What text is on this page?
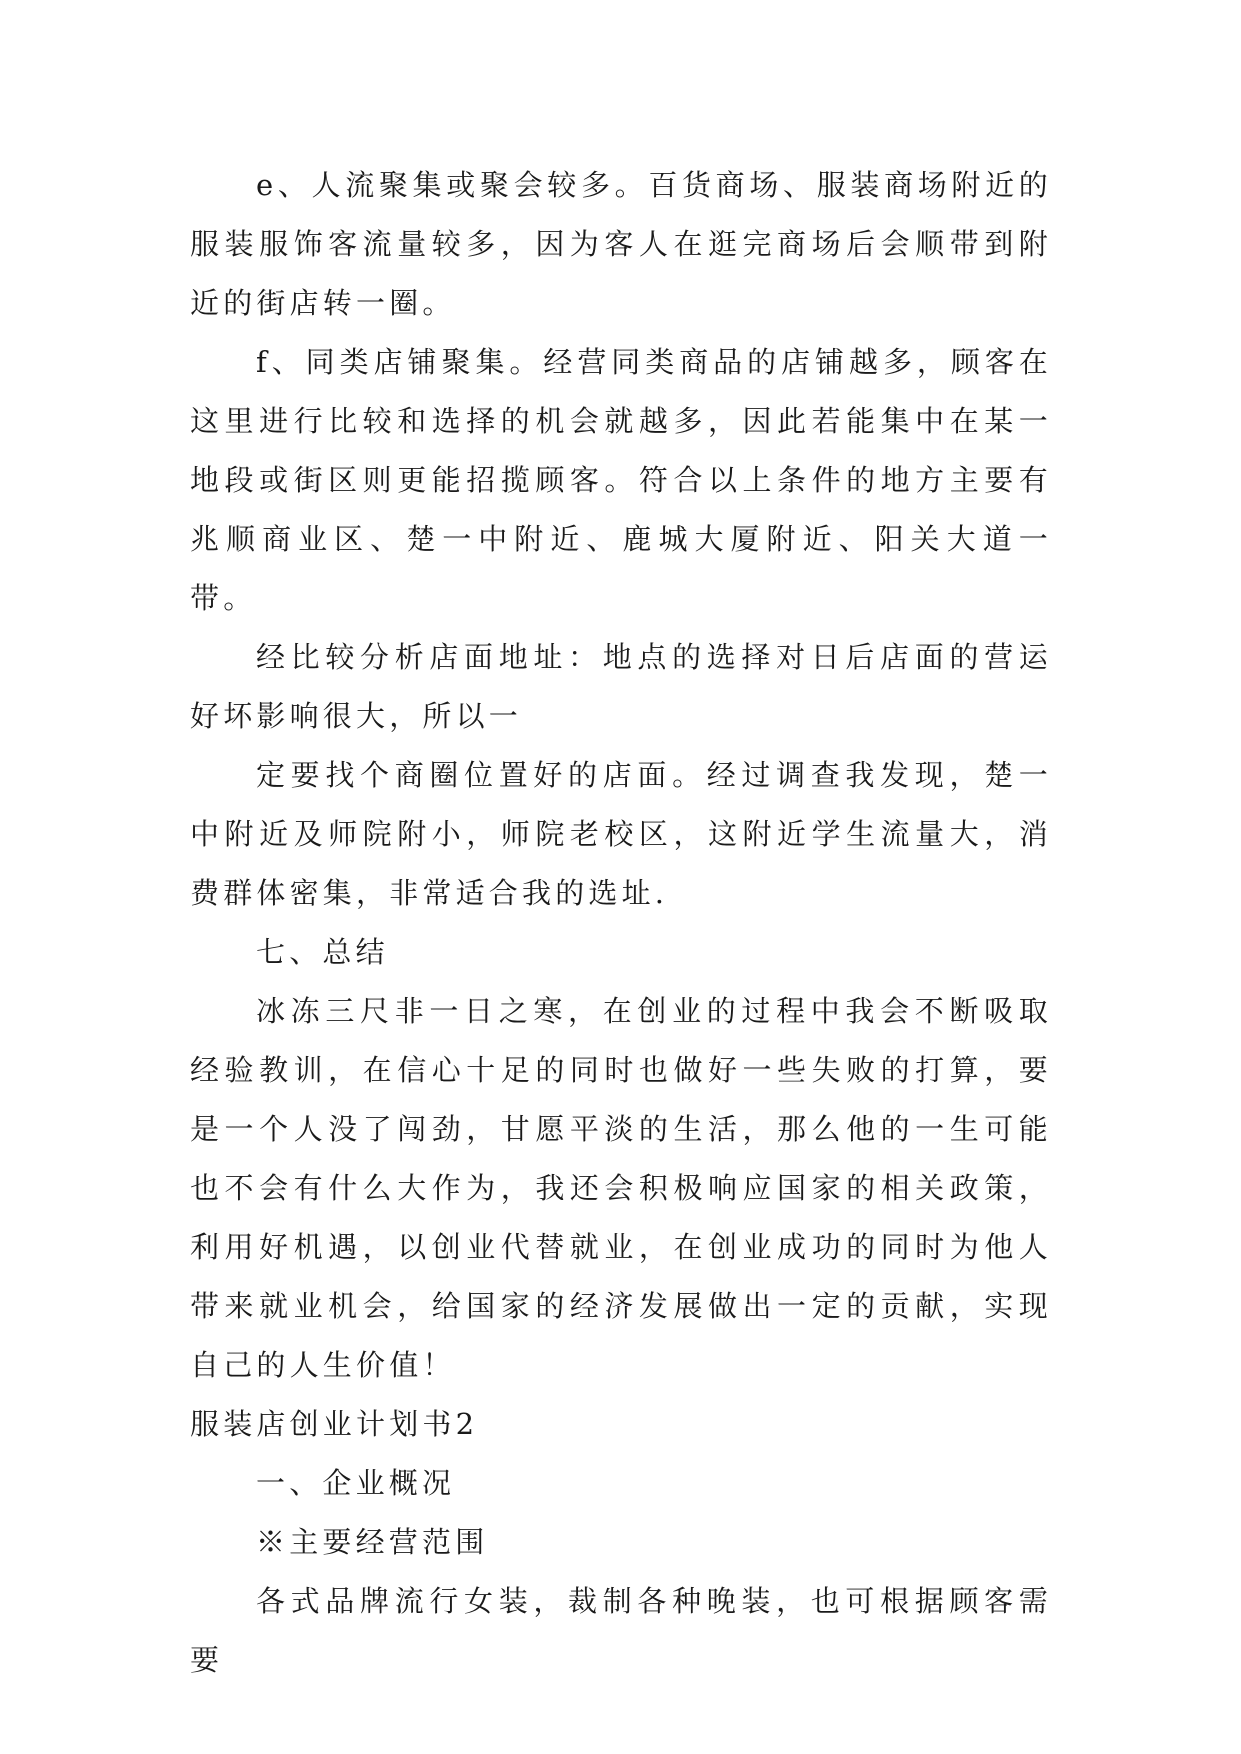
e、人流聚集或聚会较多。百货商场、服装商场附近的服装服饰客流量较多，因为客人在逛完商场后会顺带到附近的街店转一圈。

f、同类店铺聚集。经营同类商品的店铺越多，顾客在这里进行比较和选择的机会就越多，因此若能集中在某一地段或街区则更能招揽顾客。符合以上条件的地方主要有兆顺商业区、楚一中附近、鹿城大厦附近、阳关大道一带。

经比较分析店面地址：地点的选择对日后店面的营运好坏影响很大，所以一

定要找个商圈位置好的店面。经过调查我发现，楚一中附近及师院附小，师院老校区，这附近学生流量大，消费群体密集，非常适合我的选址.

七、总结

冰冻三尺非一日之寒，在创业的过程中我会不断吸取经验教训，在信心十足的同时也做好一些失败的打算，要是一个人没了闯劲，甘愿平淡的生活，那么他的一生可能也不会有什么大作为，我还会积极响应国家的相关政策，利用好机遇，以创业代替就业，在创业成功的同时为他人带来就业机会，给国家的经济发展做出一定的贡献，实现自己的人生价值！

服装店创业计划书2

一、企业概况

※主要经营范围

各式品牌流行女装，裁制各种晚装，也可根据顾客需要
